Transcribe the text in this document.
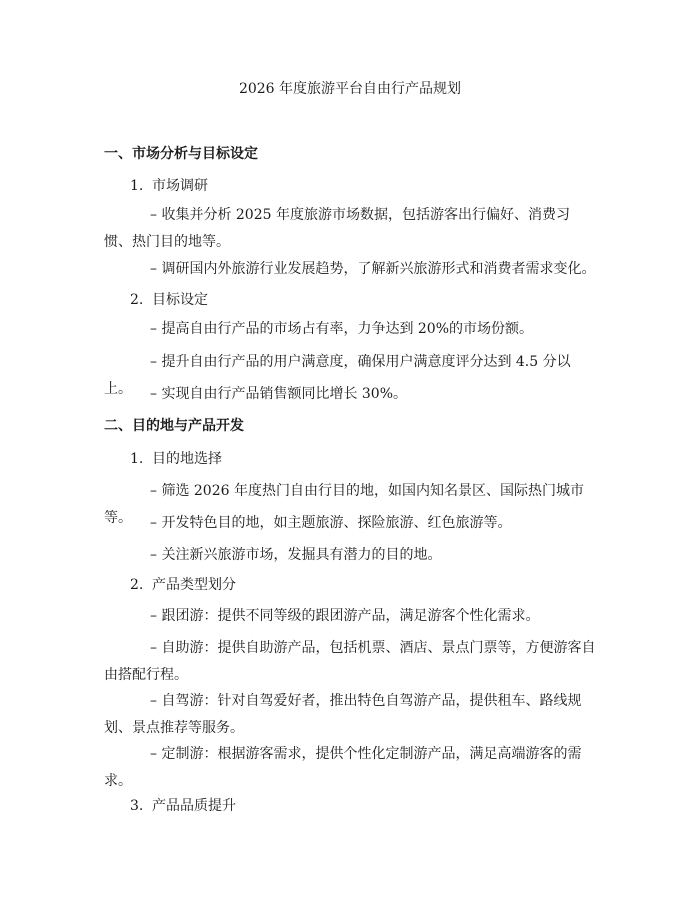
2026 年度旅游平台自由行产品规划
一、市场分析与目标设定
1. 市场调研
– 收集并分析 2025 年度旅游市场数据，包括游客出行偏好、消费习惯、热门目的地等。
– 调研国内外旅游行业发展趋势，了解新兴旅游形式和消费者需求变化。
2. 目标设定
– 提高自由行产品的市场占有率，力争达到 20%的市场份额。
– 提升自由行产品的用户满意度，确保用户满意度评分达到 4.5 分以上。	– 实现自由行产品销售额同比增长 30%。
二、目的地与产品开发
1. 目的地选择
– 筛选 2026 年度热门自由行目的地，如国内知名景区、国际热门城市等。	– 开发特色目的地，如主题旅游、探险旅游、红色旅游等。
– 关注新兴旅游市场，发掘具有潜力的目的地。
2. 产品类型划分
– 跟团游：提供不同等级的跟团游产品，满足游客个性化需求。
– 自助游：提供自助游产品，包括机票、酒店、景点门票等，方便游客自由搭配行程。
– 自驾游：针对自驾爱好者，推出特色自驾游产品，提供租车、路线规划、景点推荐等服务。
– 定制游：根据游客需求，提供个性化定制游产品，满足高端游客的需求。
3. 产品品质提升
